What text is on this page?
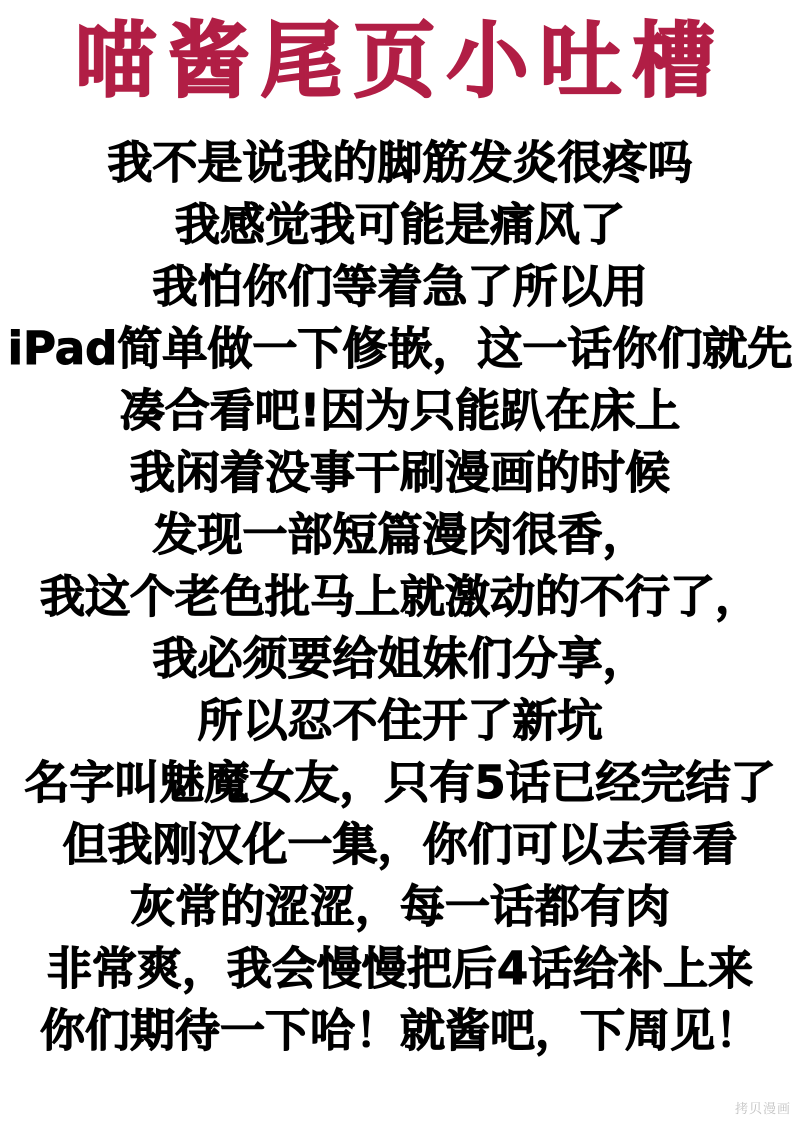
喵酱尾页小吐槽
我不是说我的脚筋发炎很疼吗
我感觉我可能是痛风了
我怕你们等着急了所以用
iPad简单做一下修嵌，这一话你们就先
凑合看吧!因为只能趴在床上
我闲着没事干刷漫画的时候
发现一部短篇漫肉很香，
我这个老色批马上就激动的不行了，
我必须要给姐妹们分享，
所以忍不住开了新坑
名字叫魅魔女友，只有5话已经完结了
但我刚汉化一集，你们可以去看看
灰常的涩涩，每一话都有肉
非常爽，我会慢慢把后4话给补上来
你们期待一下哈！就酱吧，下周见！
拷贝漫画
